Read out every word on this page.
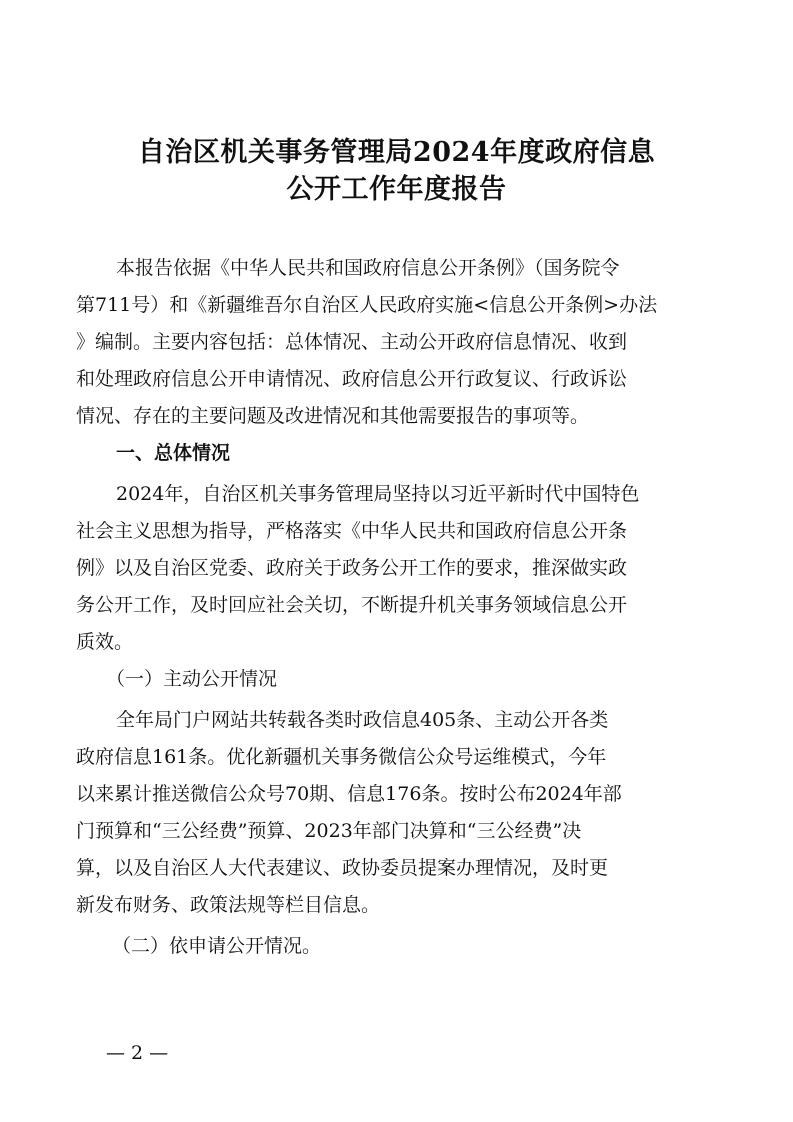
自治区机关事务管理局2024年度政府信息
公开工作年度报告
本报告依据《中华人民共和国政府信息公开条例》（国务院令
第711号）和《新疆维吾尔自治区人民政府实施<信息公开条例>办法
》编制。主要内容包括：总体情况、主动公开政府信息情况、收到
和处理政府信息公开申请情况、政府信息公开行政复议、行政诉讼
情况、存在的主要问题及改进情况和其他需要报告的事项等。
一、总体情况
2024年，自治区机关事务管理局坚持以习近平新时代中国特色
社会主义思想为指导，严格落实《中华人民共和国政府信息公开条
例》以及自治区党委、政府关于政务公开工作的要求，推深做实政
务公开工作，及时回应社会关切，不断提升机关事务领域信息公开
质效。
（一）主动公开情况
全年局门户网站共转载各类时政信息405条、主动公开各类
政府信息161条。优化新疆机关事务微信公众号运维模式，今年
以来累计推送微信公众号70期、信息176条。按时公布2024年部
门预算和“三公经费”预算、2023年部门决算和“三公经费”决
算，以及自治区人大代表建议、政协委员提案办理情况，及时更
新发布财务、政策法规等栏目信息。
（二）依申请公开情况。
— 2 —
